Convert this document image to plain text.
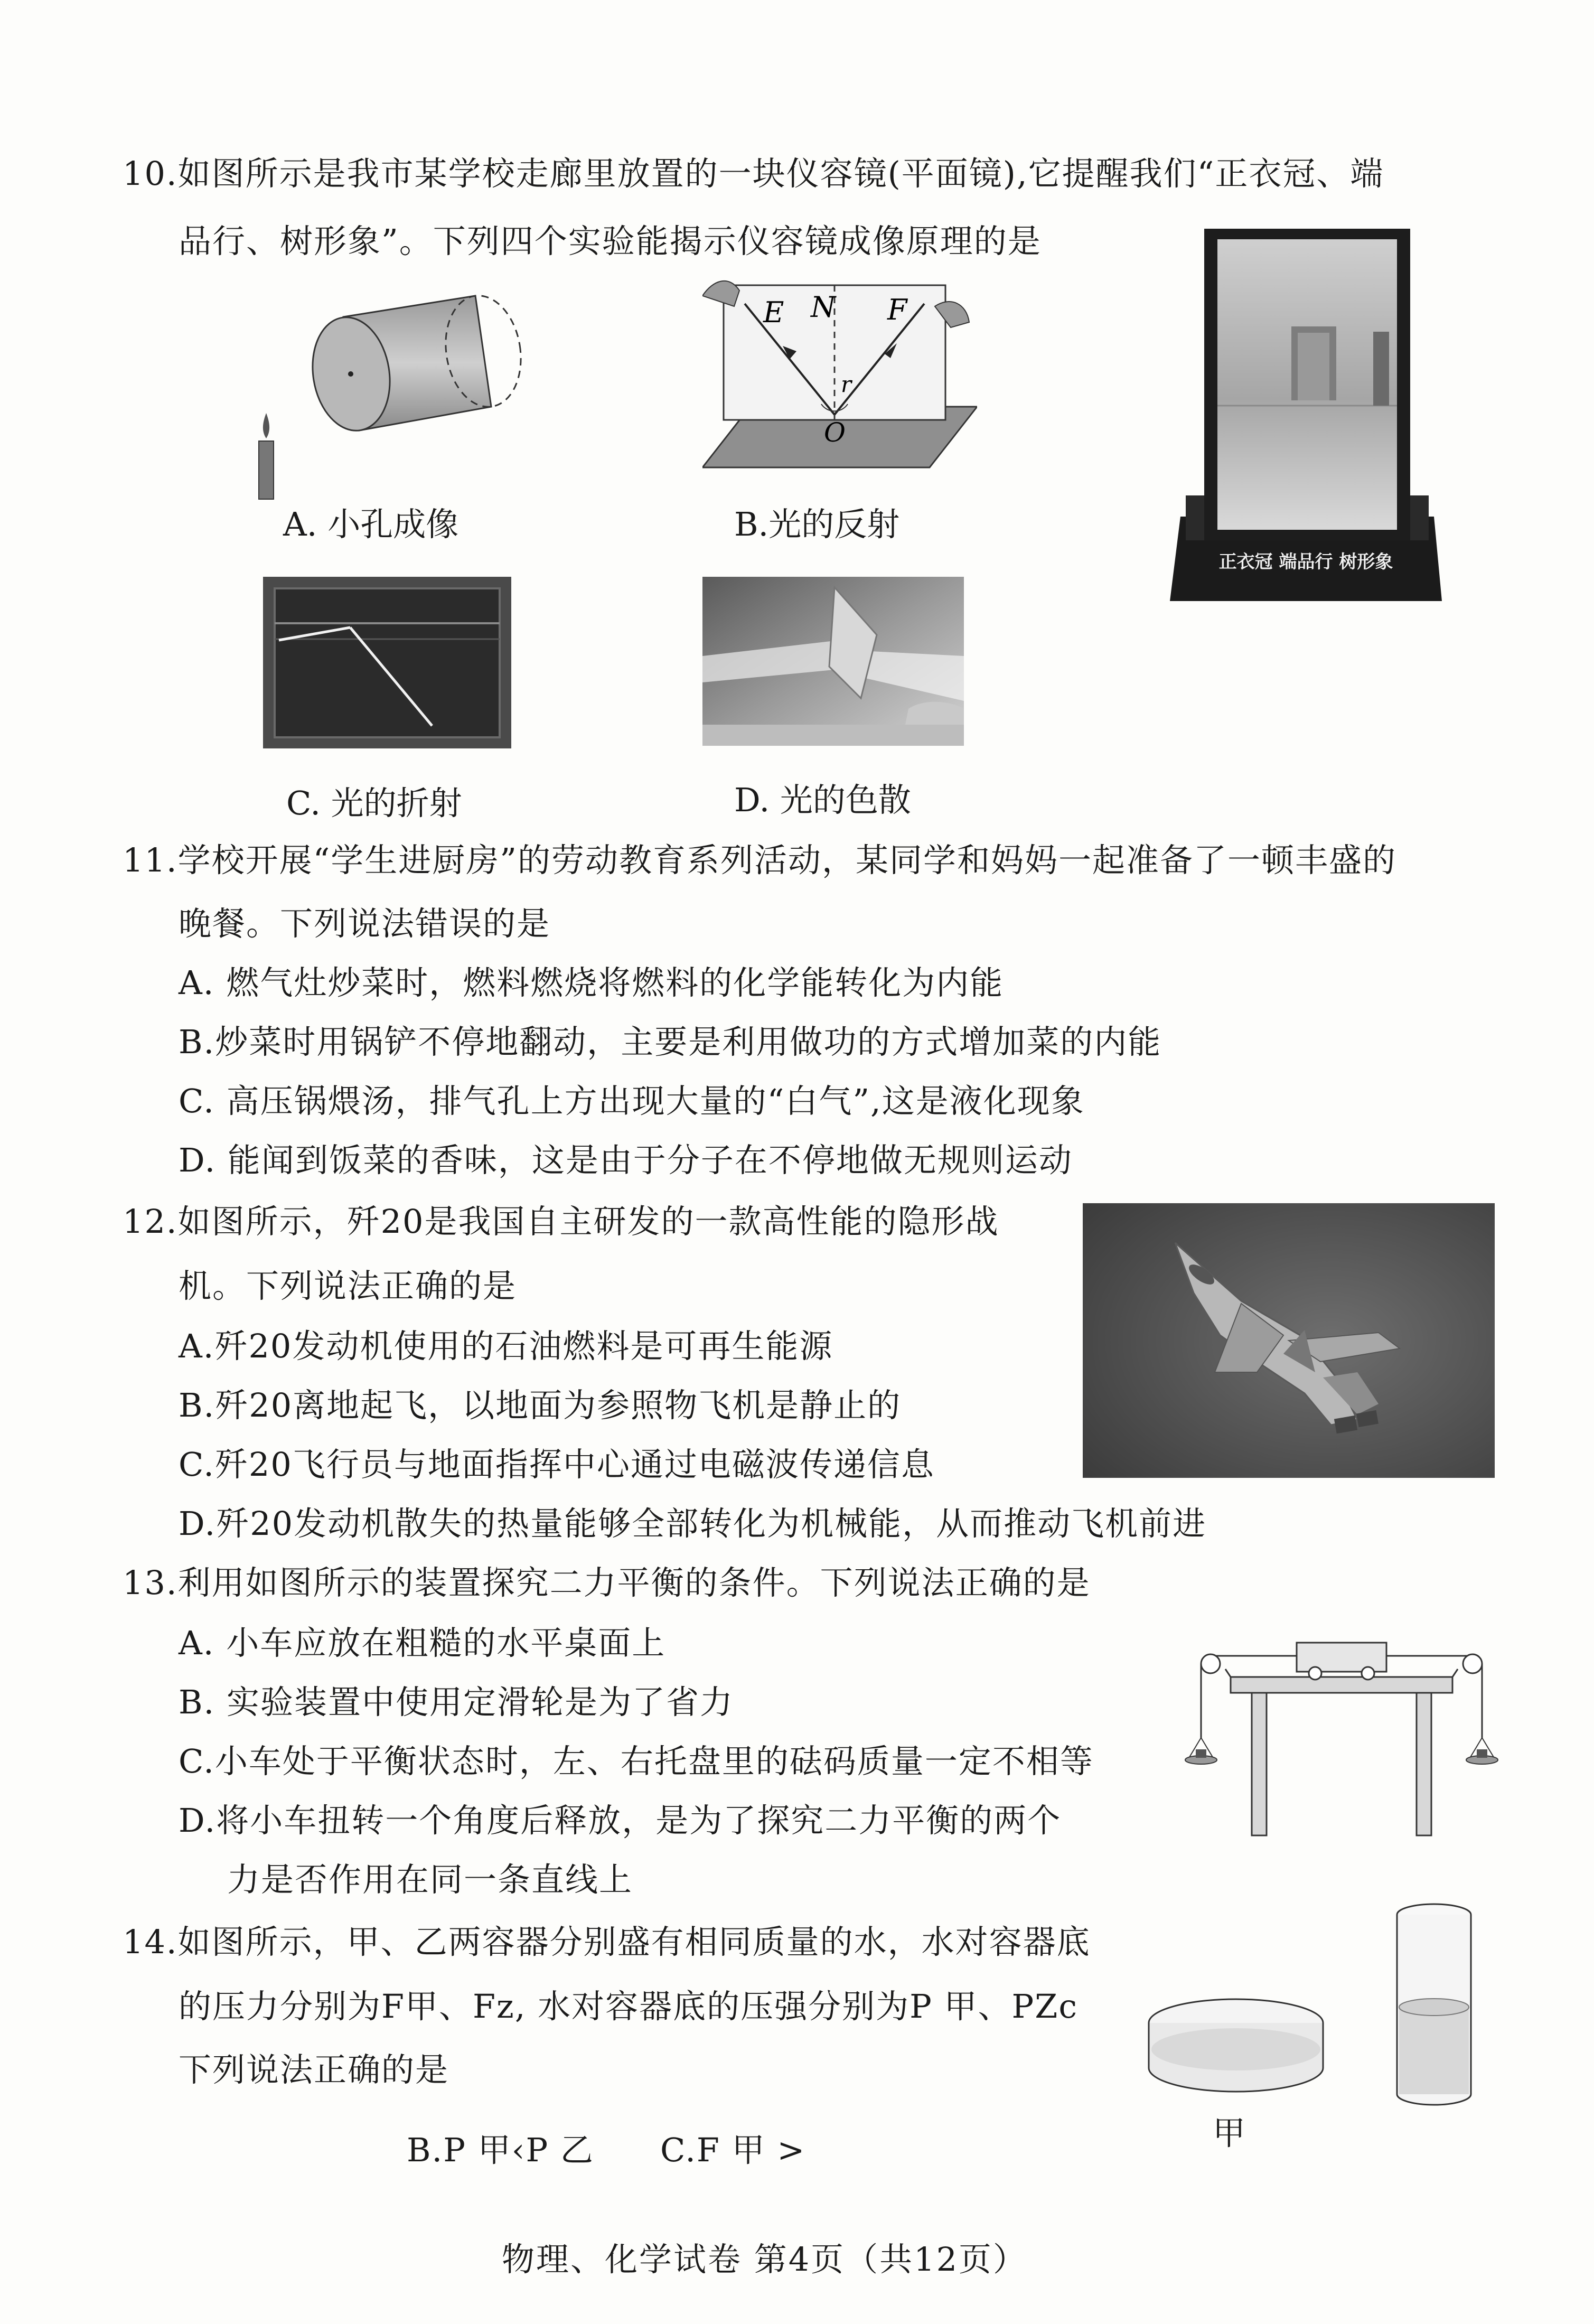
10.如图所示是我市某学校走廊里放置的一块仪容镜(平面镜),它提醒我们“正衣冠、端
品行、树形象”。下列四个实验能揭示仪容镜成像原理的是
A. 小孔成像
E N F
r
O
B.光的反射
正衣冠 端品行 树形象
C. 光的折射	D. 光的色散
11.学校开展“学生进厨房”的劳动教育系列活动，某同学和妈妈一起准备了一顿丰盛的
晚餐。下列说法错误的是
A. 燃气灶炒菜时，燃料燃烧将燃料的化学能转化为内能
B.炒菜时用锅铲不停地翻动，主要是利用做功的方式增加菜的内能
C. 高压锅煨汤，排气孔上方出现大量的“白气”,这是液化现象
D. 能闻到饭菜的香味，这是由于分子在不停地做无规则运动
12.如图所示，歼20是我国自主研发的一款高性能的隐形战
机。下列说法正确的是
A.歼20发动机使用的石油燃料是可再生能源
B.歼20离地起飞，以地面为参照物飞机是静止的
C.歼20飞行员与地面指挥中心通过电磁波传递信息
D.歼20发动机散失的热量能够全部转化为机械能，从而推动飞机前进
13.利用如图所示的装置探究二力平衡的条件。下列说法正确的是
A. 小车应放在粗糙的水平桌面上
B. 实验装置中使用定滑轮是为了省力
C.小车处于平衡状态时，左、右托盘里的砝码质量一定不相等
D.将小车扭转一个角度后释放，是为了探究二力平衡的两个
力是否作用在同一条直线上
14.如图所示，甲、乙两容器分别盛有相同质量的水，水对容器底
的压力分别为F甲、Fz, 水对容器底的压强分别为P 甲、PZc
下列说法正确的是
B.P 甲‹P 乙 C.F 甲 >	甲
物理、化学试卷 第4页（共12页）
